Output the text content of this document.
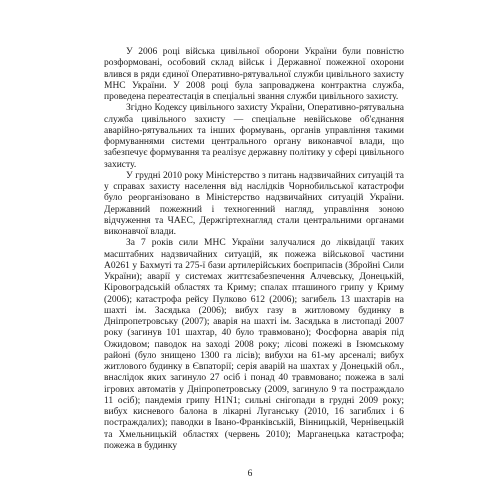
У 2006 році війська цивільної оборони України були повністю розформовані, особовий склад військ і Державної пожежної охорони влився в ряди єдиної Оперативно-рятувальної служби цивільного захисту МНС України. У 2008 році була запроваджена контрактна служба, проведена переатестація в спеціальні звання служби цивільного захисту.

Згідно Кодексу цивільного захисту України, Оперативно-рятувальна служба цивільного захисту — спеціальне невійськове об'єднання аварійно-рятувальних та інших формувань, органів управління такими формуваннями системи центрального органу виконавчої влади, що забезпечує формування та реалізує державну політику у сфері цивільного захисту.

У грудні 2010 року Міністерство з питань надзвичайних ситуацій та у справах захисту населення від наслідків Чорнобильської катастрофи було реорганізовано в Міністерство надзвичайних ситуацій України. Державний пожежний і техногенний нагляд, управління зоною відчуження та ЧАЕС, Держгіртехнагляд стали центральними органами виконавчої влади.

За 7 років сили МНС України залучалися до ліквідації таких масштабних надзвичайних ситуацій, як пожежа військової частини А0261 у Бахмуті та 275-ї бази артилерійських боєприпасів (Збройні Сили України); аварії у системах життєзабезпечення Алчевську, Донецькій, Кіровоградській областях та Криму; спалах пташиного грипу у Криму (2006); катастрофа рейсу Пулково 612 (2006); загибель 13 шахтарів на шахті ім. Засядька (2006); вибух газу в житловому будинку в Дніпропетровську (2007); аварія на шахті ім. Засядька в листопаді 2007 року (загинув 101 шахтар, 40 було травмовано); Фосфорна аварія під Ожидовом; паводок на заході 2008 року; лісові пожежі в Ізюмському районі (було знищено 1300 га лісів); вибухи на 61-му арсеналі; вибух житлового будинку в Євпаторії; серія аварій на шахтах у Донецькій обл., внаслідок яких загинуло 27 осіб і понад 40 травмовано; пожежа в залі ігрових автоматів у Дніпропетровську (2009, загинуло 9 та постраждало 11 осіб); пандемія грипу H1N1; сильні снігопади в грудні 2009 року; вибух кисневого балона в лікарні Луганську (2010, 16 загиблих і 6 постраждалих); паводки в Івано-Франківській, Вінницькій, Чернівецькій та Хмельницькій областях (червень 2010); Марганецька катастрофа; пожежа в будинку

6
